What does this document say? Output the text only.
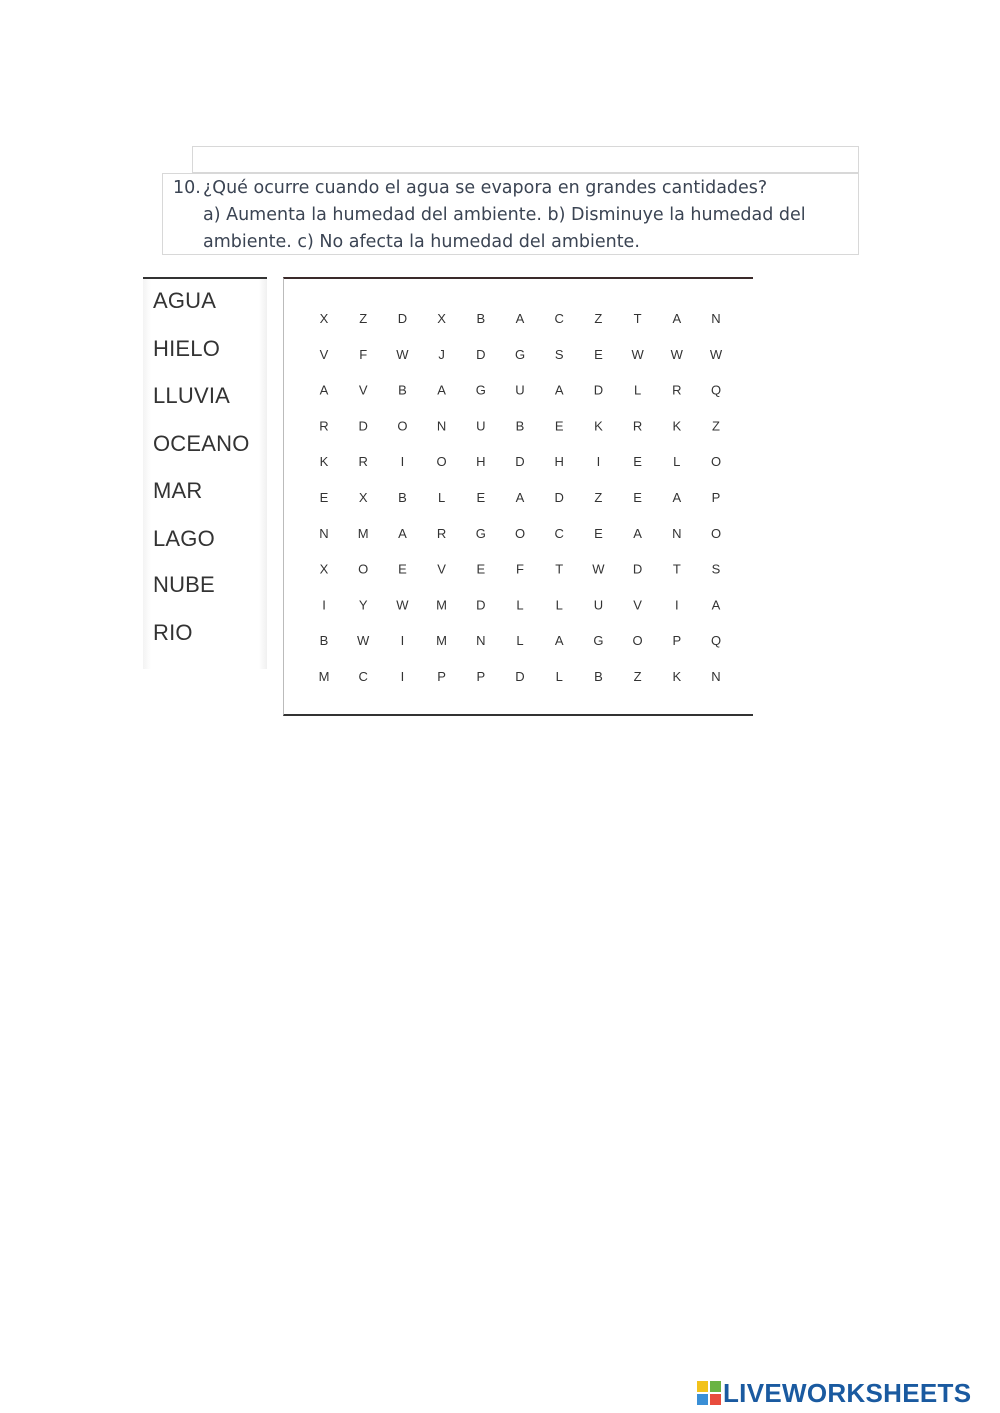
10. ¿Qué ocurre cuando el agua se evapora en grandes cantidades?
a) Aumenta la humedad del ambiente. b) Disminuye la humedad del ambiente. c) No afecta la humedad del ambiente.
AGUA
HIELO
LLUVIA
OCEANO
MAR
LAGO
NUBE
RIO
X Z D X B A C Z T A N
V F W J D G S E W W W
A V B A G U A D L R Q
R D O N U B E K R K Z
K R	I O H D H	I	E L O
E X B L E A D Z E A P
N M A R G O C E A N O
X O E V E F T W D T S
I	Y W M D L L U V	I	A
B W I M N L A G O P Q
M C	I	P P D L B Z K N
LIVEWORKSHEETS
